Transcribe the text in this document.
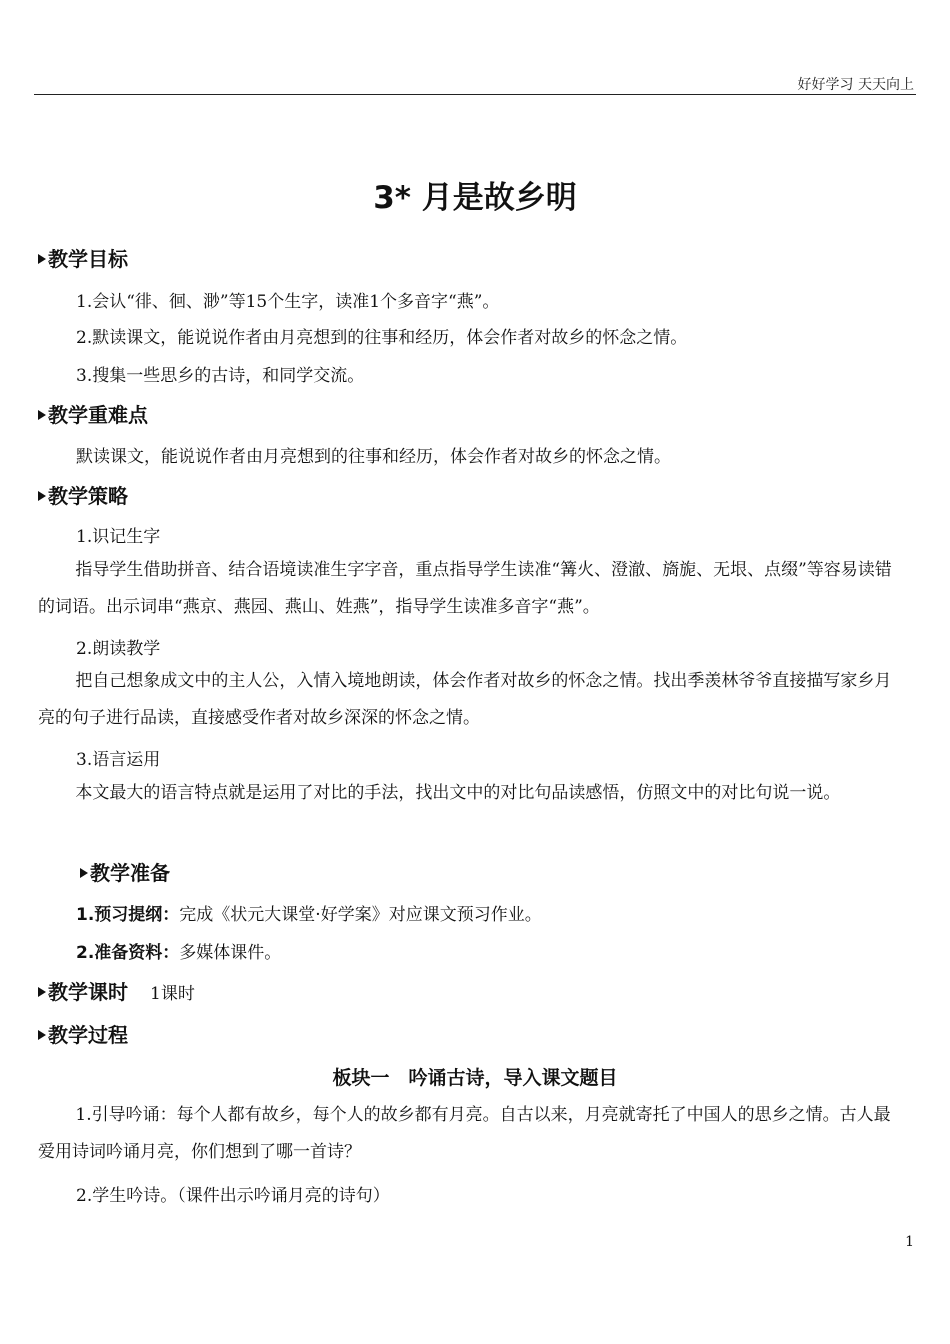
好好学习 天天向上
3* 月是故乡明
教学目标
1.会认“徘、徊、渺”等15个生字，读准1个多音字“燕”。
2.默读课文，能说说作者由月亮想到的往事和经历，体会作者对故乡的怀念之情。
3.搜集一些思乡的古诗，和同学交流。
教学重难点
默读课文，能说说作者由月亮想到的往事和经历，体会作者对故乡的怀念之情。
教学策略
1.识记生字
指导学生借助拼音、结合语境读准生字字音，重点指导学生读准“篝火、澄澈、旖旎、无垠、点缀”等容易读错的词语。出示词串“燕京、燕园、燕山、姓燕”，指导学生读准多音字“燕”。
2.朗读教学
把自己想象成文中的主人公，入情入境地朗读，体会作者对故乡的怀念之情。找出季羡林爷爷直接描写家乡月亮的句子进行品读，直接感受作者对故乡深深的怀念之情。
3.语言运用
本文最大的语言特点就是运用了对比的手法，找出文中的对比句品读感悟，仿照文中的对比句说一说。
教学准备
1.预习提纲：完成《状元大课堂·好学案》对应课文预习作业。
2.准备资料：多媒体课件。
教学课时 1课时
教学过程
板块一　吟诵古诗，导入课文题目
1.引导吟诵：每个人都有故乡，每个人的故乡都有月亮。自古以来，月亮就寄托了中国人的思乡之情。古人最爱用诗词吟诵月亮，你们想到了哪一首诗？
2.学生吟诗。（课件出示吟诵月亮的诗句）
1
